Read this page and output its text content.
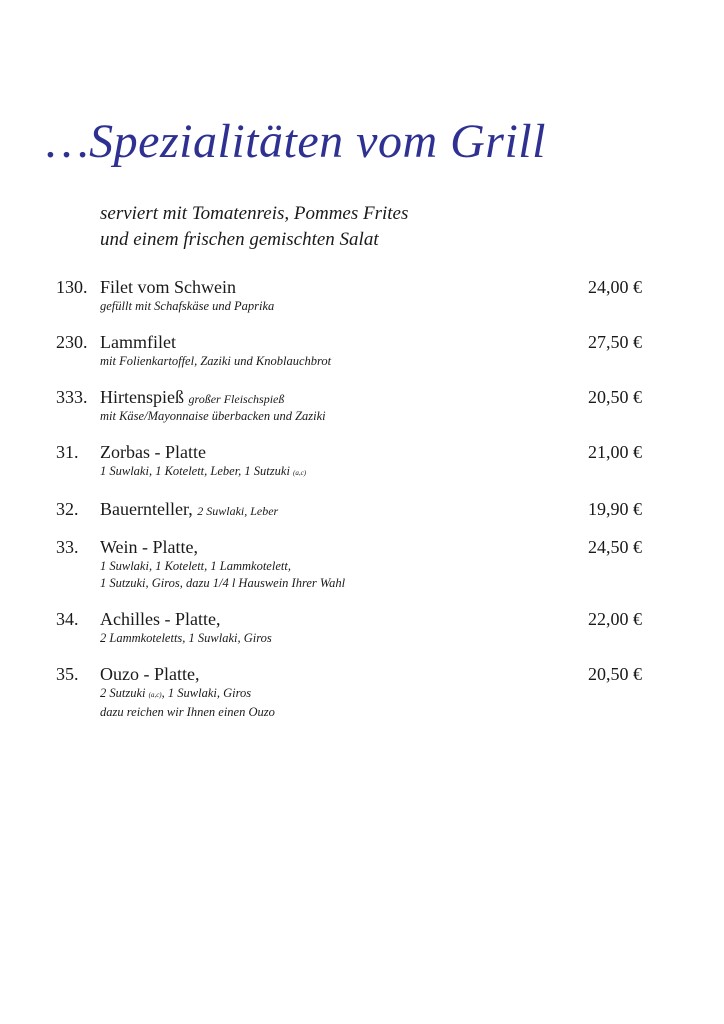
…Spezialitäten vom Grill
serviert mit Tomatenreis, Pommes Frites
und einem frischen gemischten Salat
130. Filet vom Schwein	24,00 €
gefüllt mit Schafskäse und Paprika
230. Lammfilet	27,50 €
mit Folienkartoffel, Zaziki und Knoblauchbrot
333. Hirtenspieß großer Fleischspieß	20,50 €
mit Käse/Mayonnaise überbacken und Zaziki
31.	Zorbas - Platte	21,00 €
1 Suwlaki, 1 Kotelett, Leber, 1 Sutzuki (a,c)
32.	Bauernteller, 2 Suwlaki, Leber	19,90 €
33.	Wein - Platte,	24,50 €
1 Suwlaki, 1 Kotelett, 1 Lammkotelett,
1 Sutzuki, Giros, dazu 1/4 l Hauswein Ihrer Wahl
34.	Achilles - Platte,	22,00 €
2 Lammkoteletts, 1 Suwlaki, Giros
35.	Ouzo - Platte,	20,50 €
2 Sutzuki (a,c), 1 Suwlaki, Giros
dazu reichen wir Ihnen einen Ouzo
